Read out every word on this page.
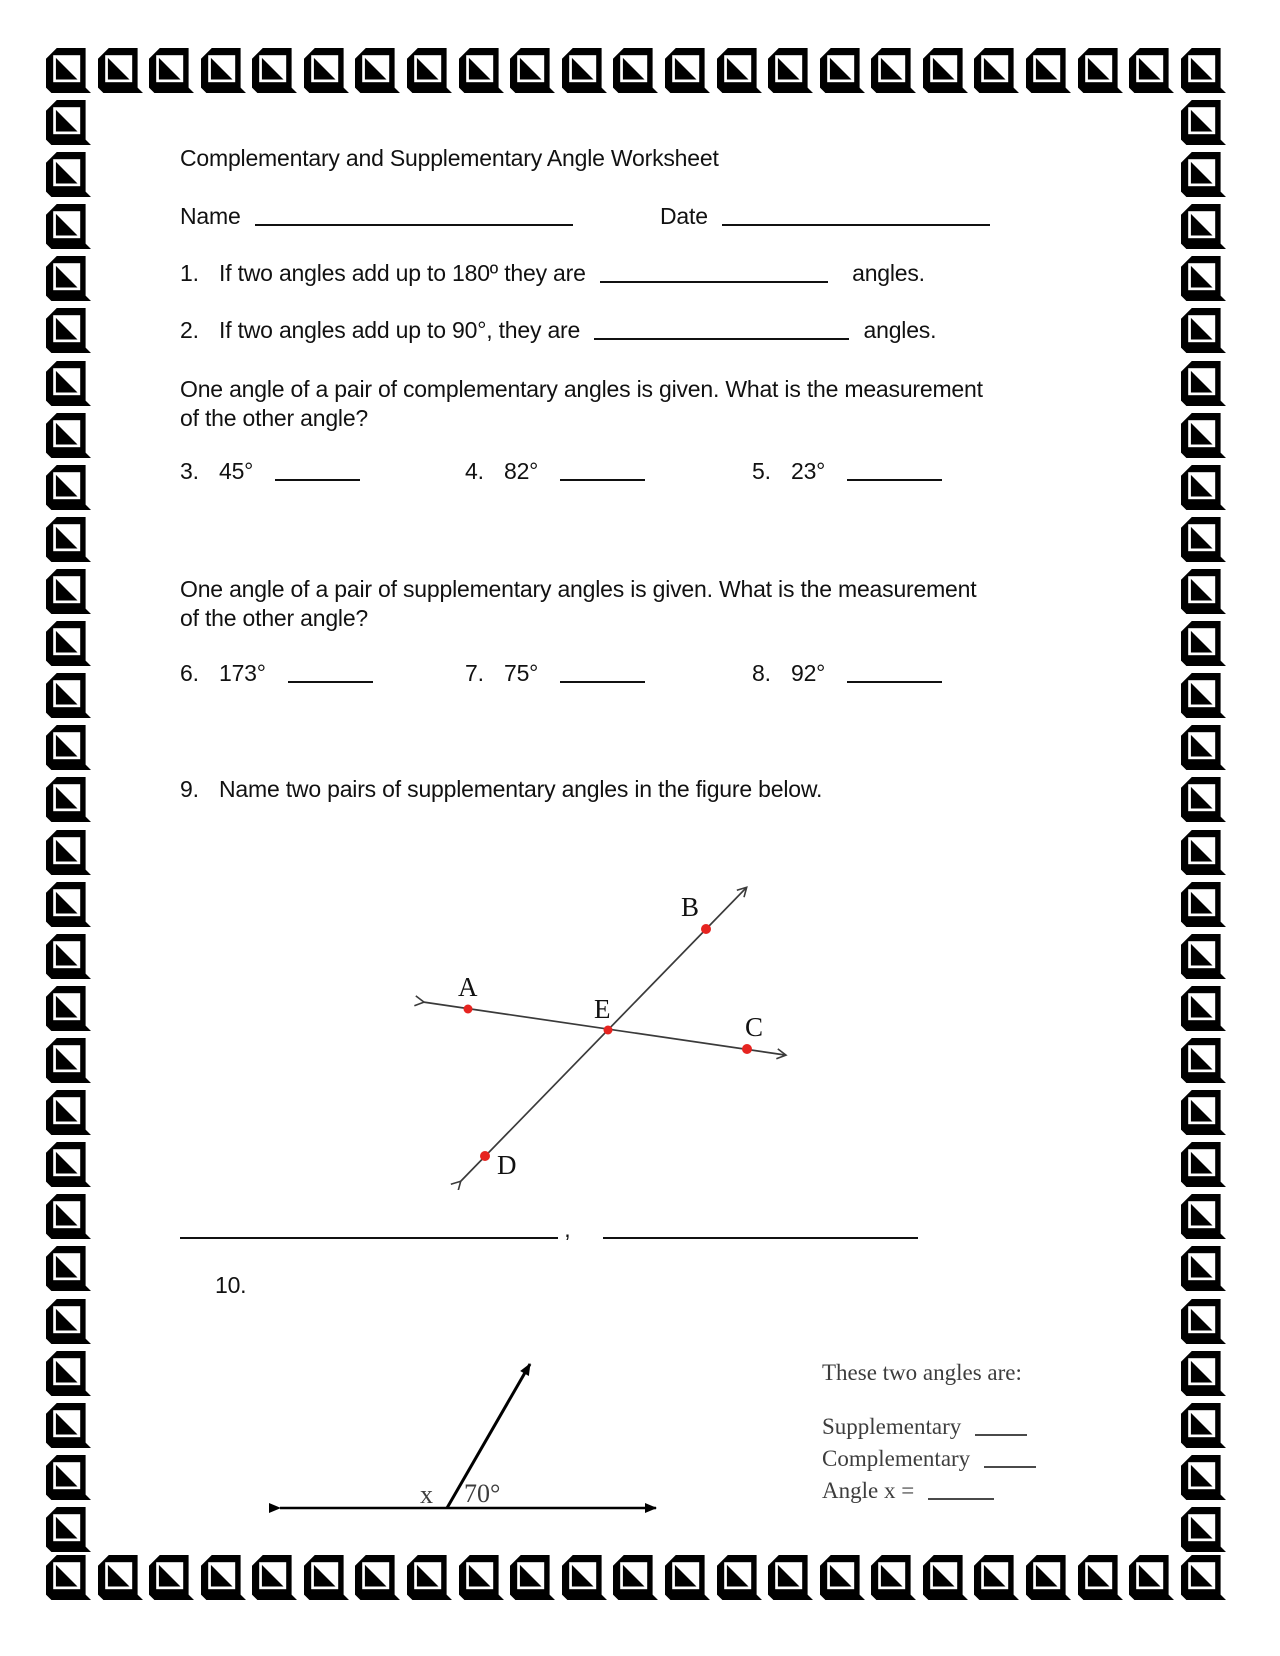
Complementary and Supplementary Angle Worksheet
Name	Date
1. If two angles add up to 180º they are	angles.
2. If two angles add up to 90°, they are	angles.
One angle of a pair of complementary angles is given. What is the measurement
of the other angle?
3. 45°	4. 82°	5. 23°
One angle of a pair of supplementary angles is given. What is the measurement
of the other angle?
6. 173°	7. 75°	8. 92°
9. Name two pairs of supplementary angles in the figure below.
A
B
C
D
E
,
10.
x 70°
These two angles are:
Supplementary
Complementary
Angle x =
